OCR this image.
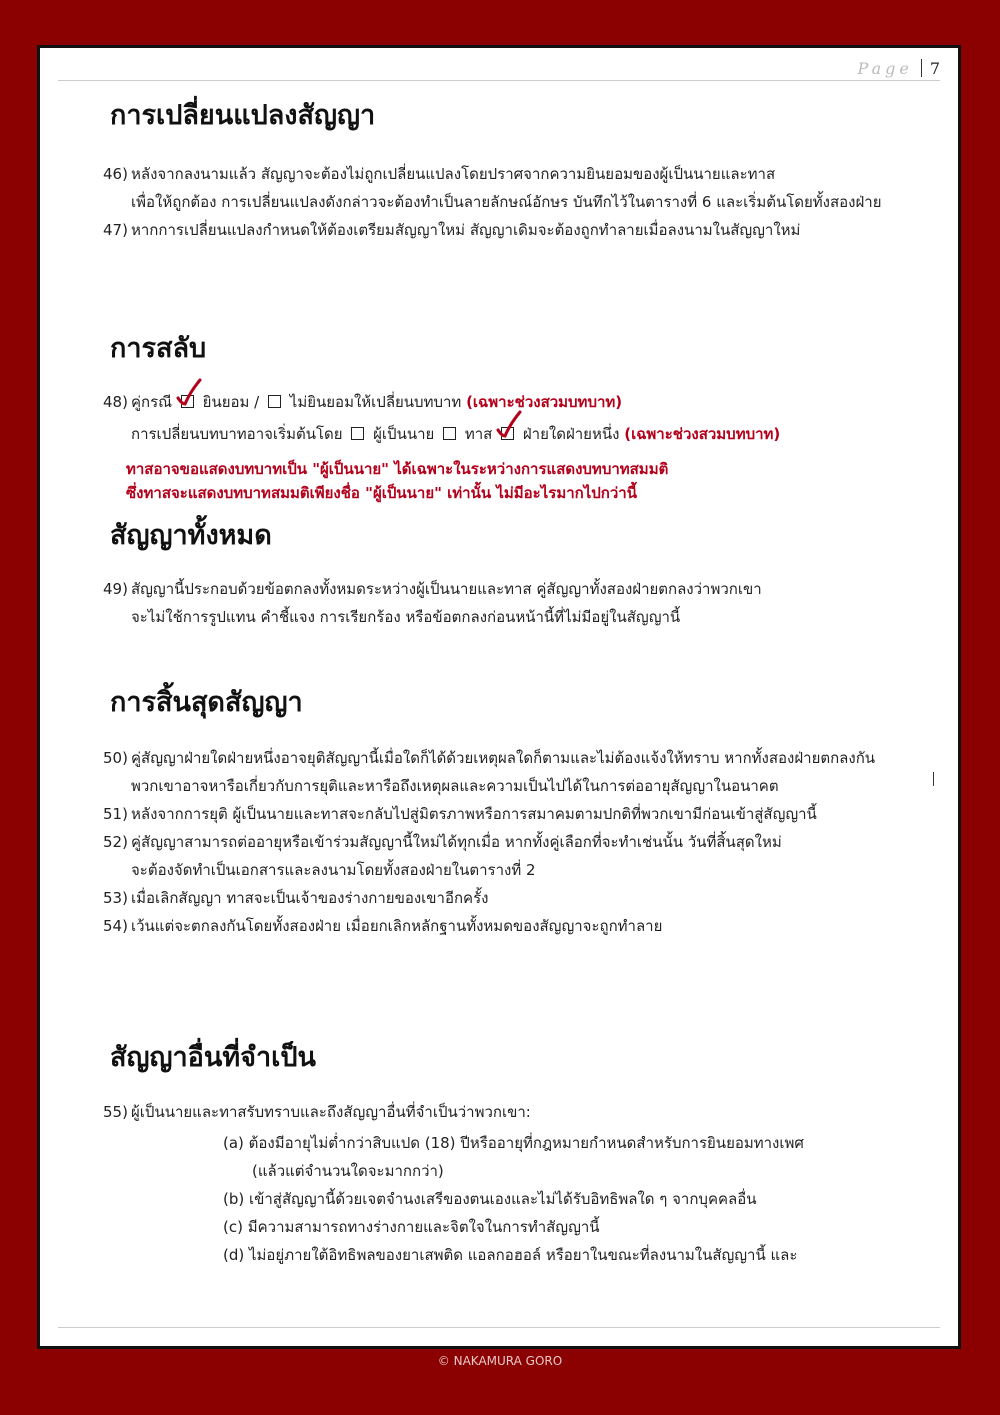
Page 7
การเปลี่ยนแปลงสัญญา
46) หลังจากลงนามแล้ว สัญญาจะต้องไม่ถูกเปลี่ยนแปลงโดยปราศจากความยินยอมของผู้เป็นนายและทาส
เพื่อให้ถูกต้อง การเปลี่ยนแปลงดังกล่าวจะต้องทำเป็นลายลักษณ์อักษร บันทึกไว้ในตารางที่ 6 และเริ่มต้นโดยทั้งสองฝ่าย
47) หากการเปลี่ยนแปลงกำหนดให้ต้องเตรียมสัญญาใหม่ สัญญาเดิมจะต้องถูกทำลายเมื่อลงนามในสัญญาใหม่
การสลับ
48) คู่กรณี ยินยอม / ไม่ยินยอมให้เปลี่ยนบทบาท (เฉพาะช่วงสวมบทบาท)
การเปลี่ยนบทบาทอาจเริ่มต้นโดย ผู้เป็นนาย ทาส ฝ่ายใดฝ่ายหนึ่ง (เฉพาะช่วงสวมบทบาท)
ทาสอาจขอแสดงบทบาทเป็น "ผู้เป็นนาย" ได้เฉพาะในระหว่างการแสดงบทบาทสมมติ
ซึ่งทาสจะแสดงบทบาทสมมติเพียงชื่อ "ผู้เป็นนาย" เท่านั้น ไม่มีอะไรมากไปกว่านี้
สัญญาทั้งหมด
49) สัญญานี้ประกอบด้วยข้อตกลงทั้งหมดระหว่างผู้เป็นนายและทาส คู่สัญญาทั้งสองฝ่ายตกลงว่าพวกเขา
จะไม่ใช้การรูปแทน คำชี้แจง การเรียกร้อง หรือข้อตกลงก่อนหน้านี้ที่ไม่มีอยู่ในสัญญานี้
การสิ้นสุดสัญญา
50) คู่สัญญาฝ่ายใดฝ่ายหนึ่งอาจยุติสัญญานี้เมื่อใดก็ได้ด้วยเหตุผลใดก็ตามและไม่ต้องแจ้งให้ทราบ หากทั้งสองฝ่ายตกลงกัน
พวกเขาอาจหารือเกี่ยวกับการยุติและหารือถึงเหตุผลและความเป็นไปได้ในการต่ออายุสัญญาในอนาคต
51) หลังจากการยุติ ผู้เป็นนายและทาสจะกลับไปสู่มิตรภาพหรือการสมาคมตามปกติที่พวกเขามีก่อนเข้าสู่สัญญานี้
52) คู่สัญญาสามารถต่ออายุหรือเข้าร่วมสัญญานี้ใหม่ได้ทุกเมื่อ หากทั้งคู่เลือกที่จะทำเช่นนั้น วันที่สิ้นสุดใหม่
จะต้องจัดทำเป็นเอกสารและลงนามโดยทั้งสองฝ่ายในตารางที่ 2
53) เมื่อเลิกสัญญา ทาสจะเป็นเจ้าของร่างกายของเขาอีกครั้ง
54) เว้นแต่จะตกลงกันโดยทั้งสองฝ่าย เมื่อยกเลิกหลักฐานทั้งหมดของสัญญาจะถูกทำลาย
สัญญาอื่นที่จำเป็น
55) ผู้เป็นนายและทาสรับทราบและถึงสัญญาอื่นที่จำเป็นว่าพวกเขา:
(a) ต้องมีอายุไม่ต่ำกว่าสิบแปด (18) ปีหรืออายุที่กฎหมายกำหนดสำหรับการยินยอมทางเพศ
(แล้วแต่จำนวนใดจะมากกว่า)
(b) เข้าสู่สัญญานี้ด้วยเจตจำนงเสรีของตนเองและไม่ได้รับอิทธิพลใด ๆ จากบุคคลอื่น
(c) มีความสามารถทางร่างกายและจิตใจในการทำสัญญานี้
(d) ไม่อยู่ภายใต้อิทธิพลของยาเสพติด แอลกอฮอล์ หรือยาในขณะที่ลงนามในสัญญานี้ และ
© NAKAMURA GORO
